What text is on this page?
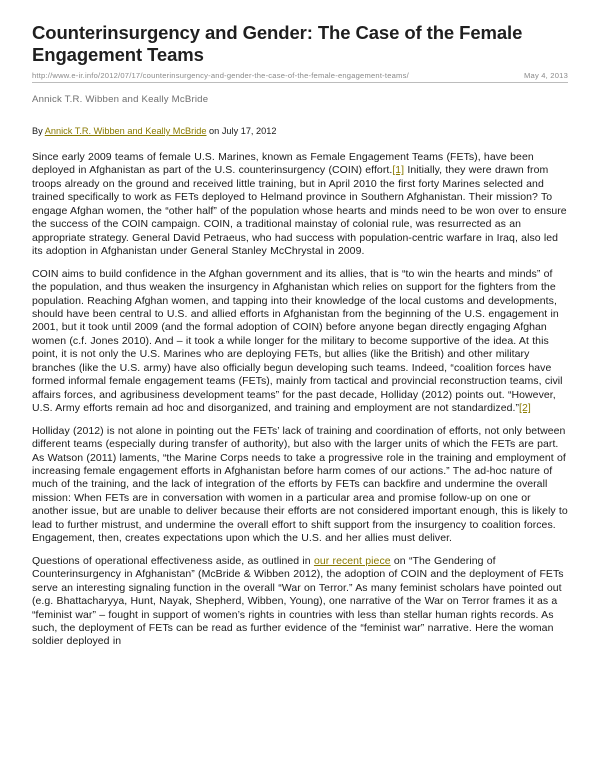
Counterinsurgency and Gender: The Case of the Female Engagement Teams
http://www.e-ir.info/2012/07/17/counterinsurgency-and-gender-the-case-of-the-female-engagement-teams/	May 4, 2013
Annick T.R. Wibben and Keally McBride
By Annick T.R. Wibben and Keally McBride on July 17, 2012

Since early 2009 teams of female U.S. Marines, known as Female Engagement Teams (FETs), have been deployed in Afghanistan as part of the U.S. counterinsurgency (COIN) effort.[1] Initially, they were drawn from troops already on the ground and received little training, but in April 2010 the first forty Marines selected and trained specifically to work as FETs deployed to Helmand province in Southern Afghanistan. Their mission? To engage Afghan women, the “other half” of the population whose hearts and minds need to be won over to ensure the success of the COIN campaign. COIN, a traditional mainstay of colonial rule, was resurrected as an appropriate strategy. General David Petraeus, who had success with population-centric warfare in Iraq, also led its adoption in Afghanistan under General Stanley McChrystal in 2009.

COIN aims to build confidence in the Afghan government and its allies, that is “to win the hearts and minds” of the population, and thus weaken the insurgency in Afghanistan which relies on support for the fighters from the population. Reaching Afghan women, and tapping into their knowledge of the local customs and developments, should have been central to U.S. and allied efforts in Afghanistan from the beginning of the U.S. engagement in 2001, but it took until 2009 (and the formal adoption of COIN) before anyone began directly engaging Afghan women (c.f. Jones 2010). And – it took a while longer for the military to become supportive of the idea. At this point, it is not only the U.S. Marines who are deploying FETs, but allies (like the British) and other military branches (like the U.S. army) have also officially begun developing such teams. Indeed, “coalition forces have formed informal female engagement teams (FETs), mainly from tactical and provincial reconstruction teams, civil affairs forces, and agribusiness development teams” for the past decade, Holliday (2012) points out. “However, U.S. Army efforts remain ad hoc and disorganized, and training and employment are not standardized.”[2]

Holliday (2012) is not alone in pointing out the FETs’ lack of training and coordination of efforts, not only between different teams (especially during transfer of authority), but also with the larger units of which the FETs are part. As Watson (2011) laments, “the Marine Corps needs to take a progressive role in the training and employment of increasing female engagement efforts in Afghanistan before harm comes of our actions.” The ad-hoc nature of much of the training, and the lack of integration of the efforts by FETs can backfire and undermine the overall mission: When FETs are in conversation with women in a particular area and promise follow-up on one or another issue, but are unable to deliver because their efforts are not considered important enough, this is likely to lead to further mistrust, and undermine the overall effort to shift support from the insurgency to coalition forces. Engagement, then, creates expectations upon which the U.S. and her allies must deliver.

Questions of operational effectiveness aside, as outlined in our recent piece on “The Gendering of Counterinsurgency in Afghanistan” (McBride & Wibben 2012), the adoption of COIN and the deployment of FETs serve an interesting signaling function in the overall “War on Terror.” As many feminist scholars have pointed out (e.g. Bhattacharyya, Hunt, Nayak, Shepherd, Wibben, Young), one narrative of the War on Terror frames it as a “feminist war” – fought in support of women’s rights in countries with less than stellar human rights records. As such, the deployment of FETs can be read as further evidence of the “feminist war” narrative. Here the woman soldier deployed in
